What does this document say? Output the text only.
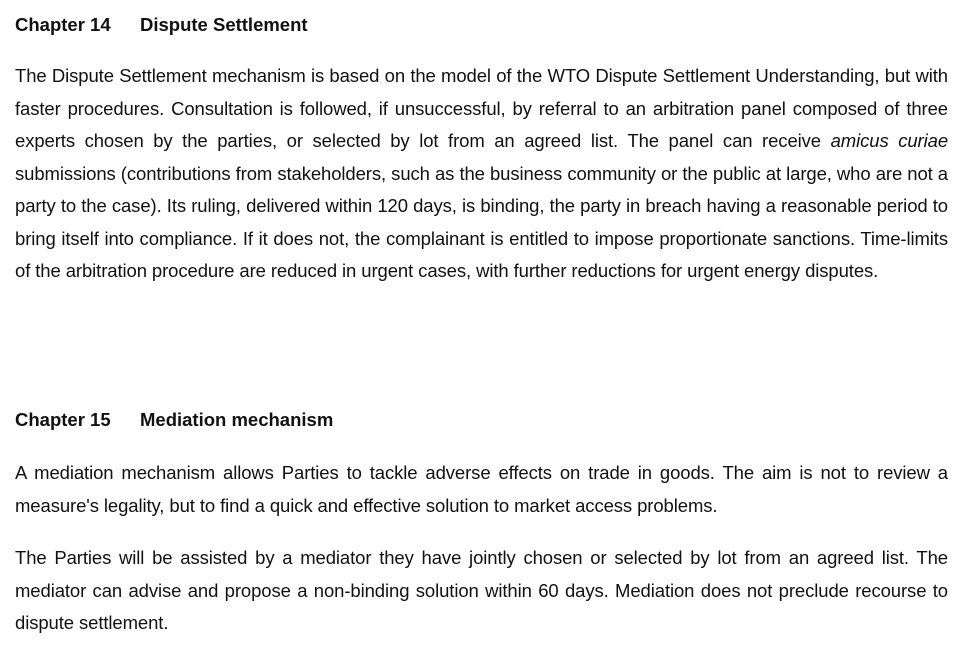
Chapter 14 Dispute Settlement

The Dispute Settlement mechanism is based on the model of the WTO Dispute Settlement Understanding, but with faster procedures. Consultation is followed, if unsuccessful, by referral to an arbitration panel composed of three experts chosen by the parties, or selected by lot from an agreed list. The panel can receive amicus curiae submissions (contributions from stakeholders, such as the business community or the public at large, who are not a party to the case). Its ruling, delivered within 120 days, is binding, the party in breach having a reasonable period to bring itself into compliance. If it does not, the complainant is entitled to impose proportionate sanctions. Time-limits of the arbitration procedure are reduced in urgent cases, with further reductions for urgent energy disputes.

Chapter 15 Mediation mechanism

A mediation mechanism allows Parties to tackle adverse effects on trade in goods. The aim is not to review a measure's legality, but to find a quick and effective solution to market access problems.

The Parties will be assisted by a mediator they have jointly chosen or selected by lot from an agreed list. The mediator can advise and propose a non-binding solution within 60 days. Mediation does not preclude recourse to dispute settlement.
